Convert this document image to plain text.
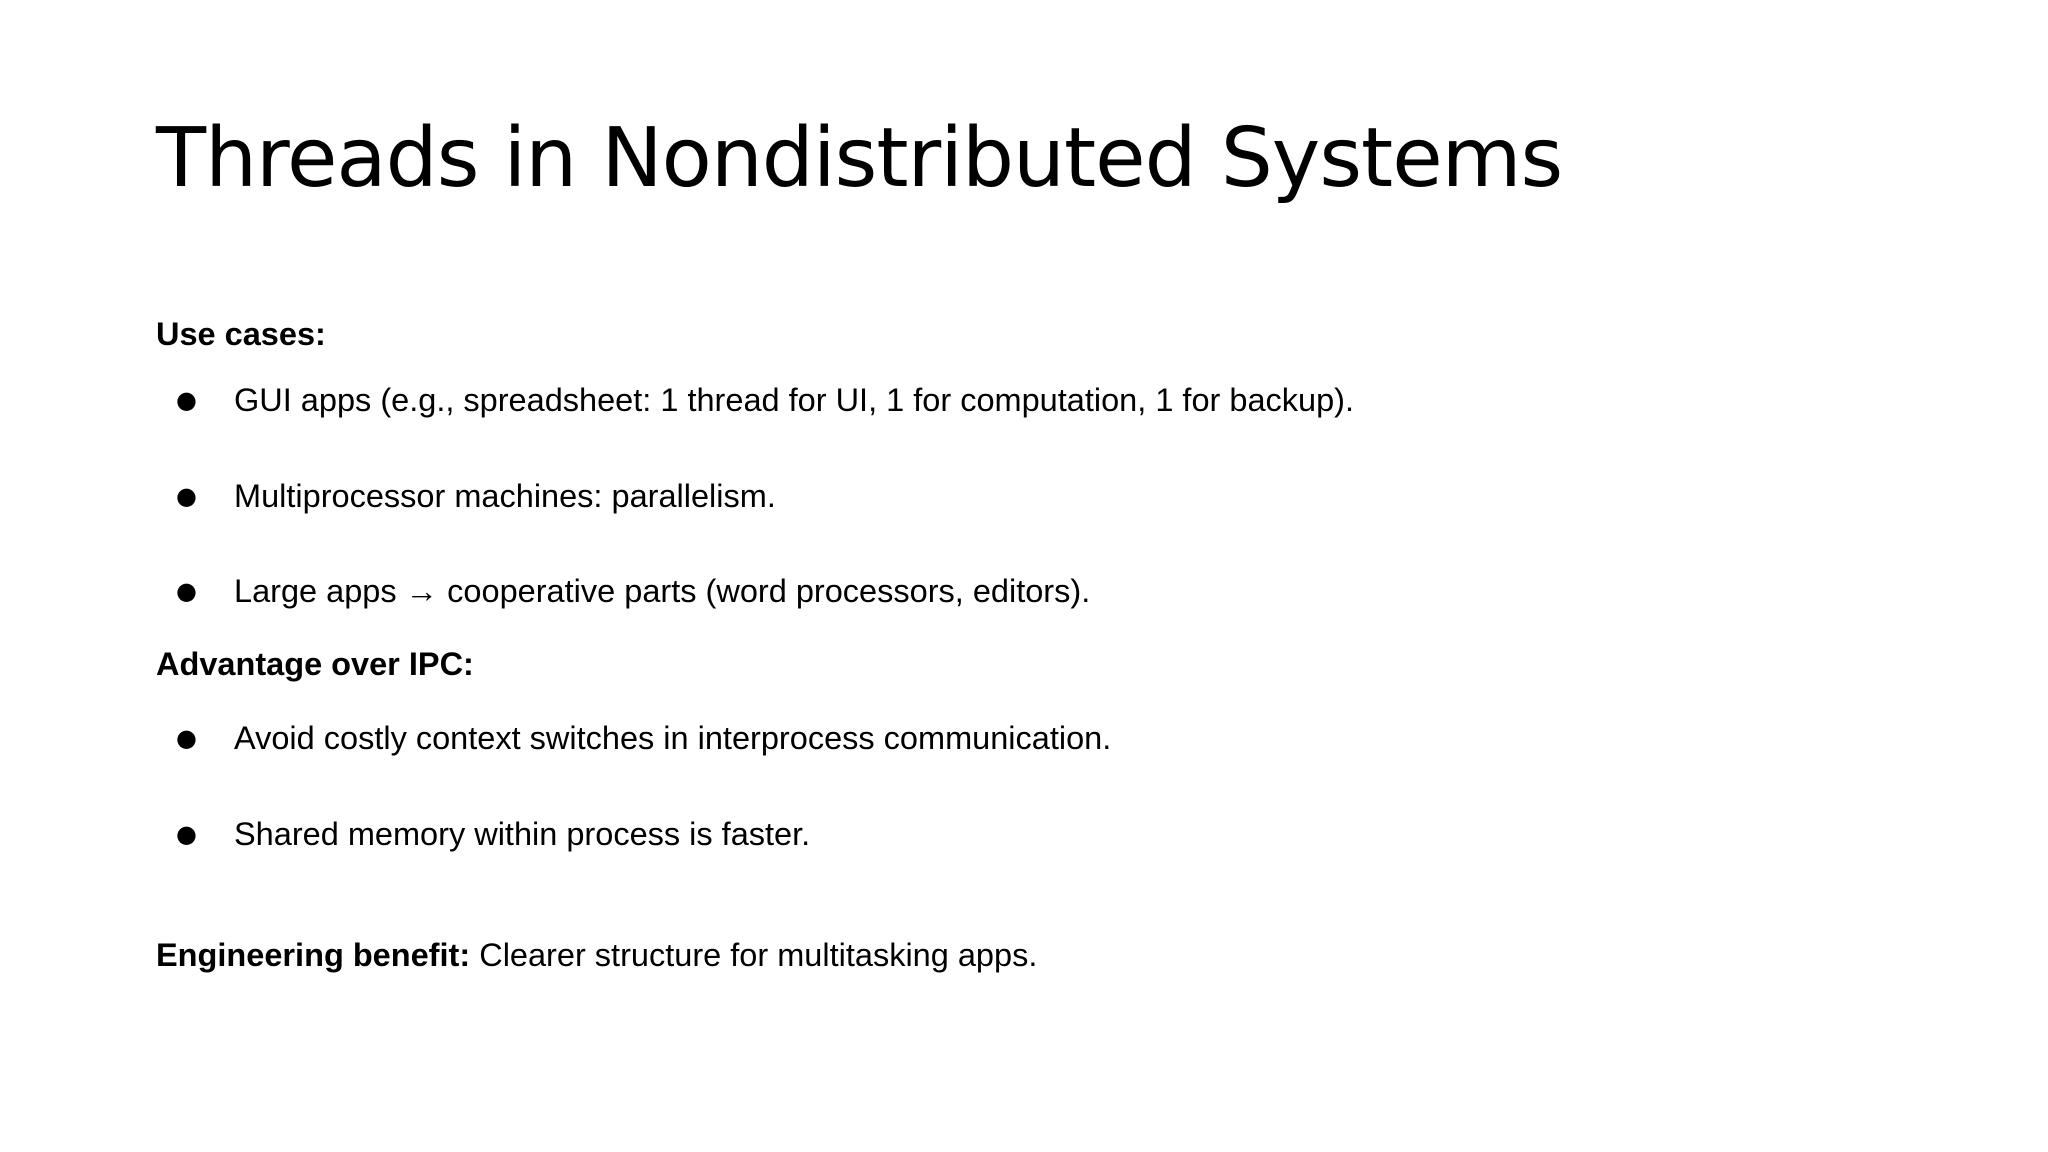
Threads in Nondistributed Systems
Use cases:
● GUI apps (e.g., spreadsheet: 1 thread for UI, 1 for computation, 1 for backup).
● Multiprocessor machines: parallelism.
● Large apps → cooperative parts (word processors, editors).
Advantage over IPC:
● Avoid costly context switches in interprocess communication.
● Shared memory within process is faster.
Engineering benefit: Clearer structure for multitasking apps.
